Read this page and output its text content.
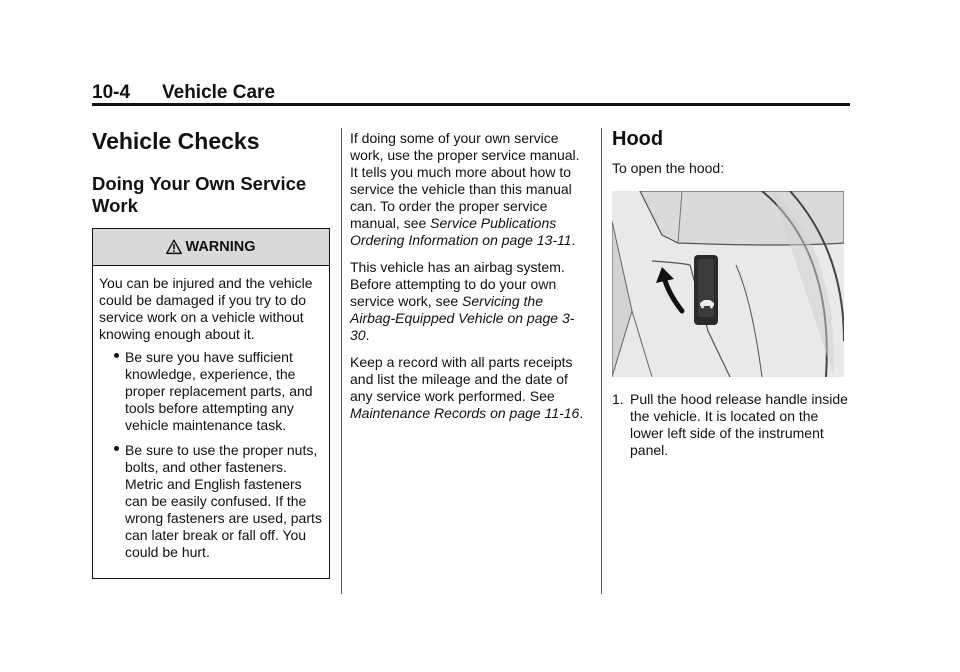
10-4 Vehicle Care
Vehicle Checks
Doing Your Own Service Work
WARNING

You can be injured and the vehicle could be damaged if you try to do service work on a vehicle without knowing enough about it.

Be sure you have sufficient knowledge, experience, the proper replacement parts, and tools before attempting any vehicle maintenance task.
Be sure to use the proper nuts, bolts, and other fasteners. Metric and English fasteners can be easily confused. If the wrong fasteners are used, parts can later break or fall off. You could be hurt.

If doing some of your own service work, use the proper service manual. It tells you much more about how to service the vehicle than this manual can. To order the proper service manual, see Service Publications Ordering Information on page 13-11.

This vehicle has an airbag system. Before attempting to do your own service work, see Servicing the Airbag-Equipped Vehicle on page 3-30.

Keep a record with all parts receipts and list the mileage and the date of any service work performed. See Maintenance Records on page 11-16.

Hood

To open the hood:

1. Pull the hood release handle inside the vehicle. It is located on the lower left side of the instrument panel.
